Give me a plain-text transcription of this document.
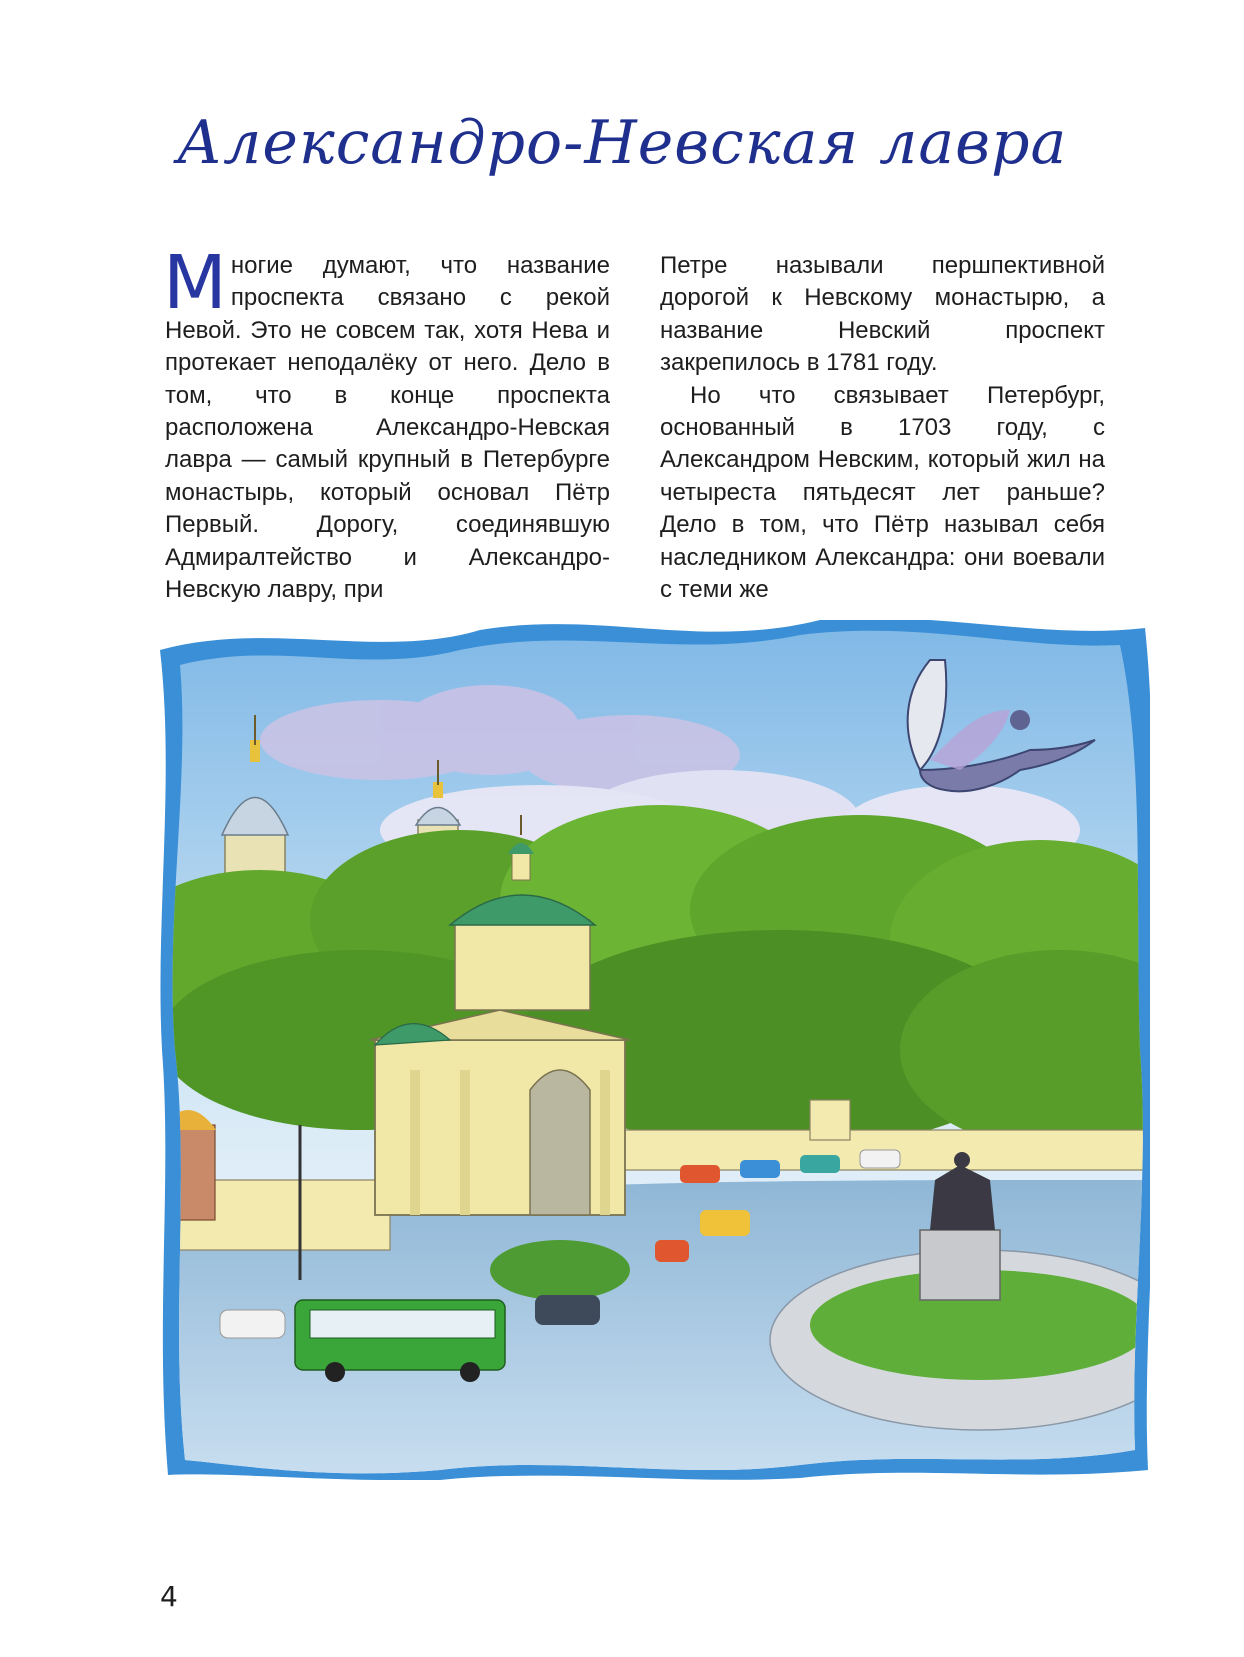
Александро-Невская лавра

Многие думают, что название проспекта связано с рекой Невой. Это не совсем так, хотя Нева и протекает неподалёку от него. Дело в том, что в конце проспекта расположена Александро-Невская лавра — самый крупный в Петербурге монастырь, который основал Пётр Первый. Дорогу, соединявшую Адмиралтейство и Александро-Невскую лавру, при

Петре называли першпективной дорогой к Невскому монастырю, а название Невский проспект закрепилось в 1781 году.

Но что связывает Петербург, основанный в 1703 году, с Александром Невским, который жил на четыреста пятьдесят лет раньше? Дело в том, что Пётр называл себя наследником Александра: они воевали с теми же

4
